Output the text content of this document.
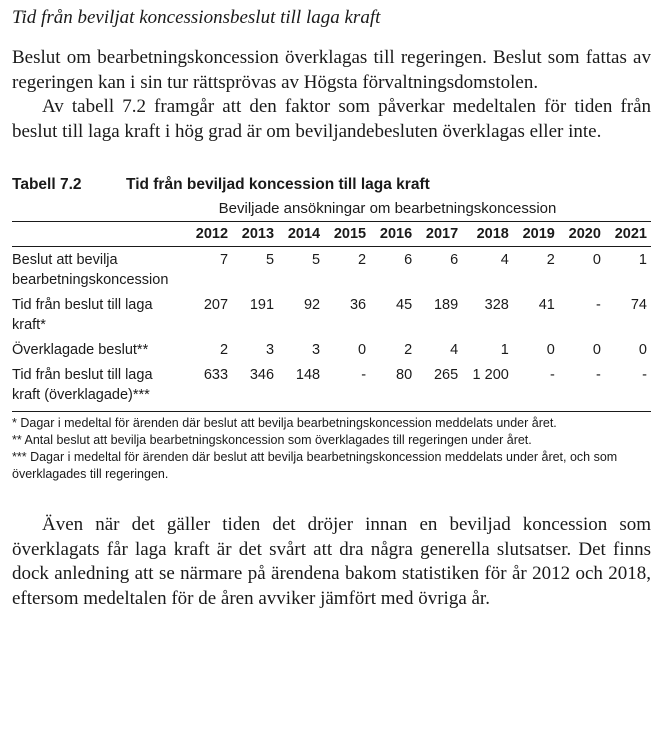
Tid från beviljat koncessionsbeslut till laga kraft

Beslut om bearbetningskoncession överklagas till regeringen. Beslut som fattas av regeringen kan i sin tur rättsprövas av Högsta förvaltningsdomstolen.

Av tabell 7.2 framgår att den faktor som påverkar medeltalen för tiden från beslut till laga kraft i hög grad är om beviljandebesluten överklagas eller inte.

Tabell 7.2	Tid från beviljad koncession till laga kraft
Beviljade ansökningar om bearbetningskoncession
	2012	2013	2014	2015	2016	2017	2018	2019	2020	2021
Beslut att bevilja bearbetningskoncession	7	5	5	2	6	6	4	2	0	1
Tid från beslut till laga kraft*	207	191	92	36	45	189	328	41	-	74
Överklagade beslut**	2	3	3	0	2	4	1	0	0	0
Tid från beslut till laga kraft (överklagade)***	633	346	148	-	80	265	1 200	-	-	-
* Dagar i medeltal för ärenden där beslut att bevilja bearbetningskoncession meddelats under året.
** Antal beslut att bevilja bearbetningskoncession som överklagades till regeringen under året.
*** Dagar i medeltal för ärenden där beslut att bevilja bearbetningskoncession meddelats under året, och som överklagades till regeringen.

Även när det gäller tiden det dröjer innan en beviljad koncession som överklagats får laga kraft är det svårt att dra några generella slutsatser. Det finns dock anledning att se närmare på ärendena bakom statistiken för år 2012 och 2018, eftersom medeltalen för de åren avviker jämfört med övriga år.
